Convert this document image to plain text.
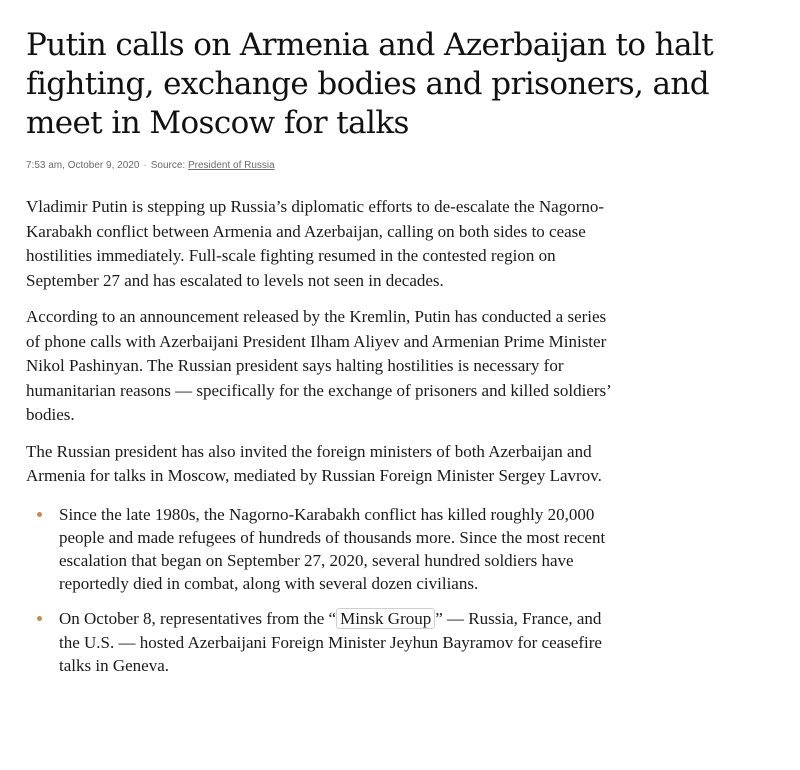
Putin calls on Armenia and Azerbaijan to halt fighting, exchange bodies and prisoners, and meet in Moscow for talks
7:53 am, October 9, 2020 · Source: President of Russia

Vladimir Putin is stepping up Russia’s diplomatic efforts to de-escalate the Nagorno-Karabakh conflict between Armenia and Azerbaijan, calling on both sides to cease hostilities immediately. Full-scale fighting resumed in the contested region on September 27 and has escalated to levels not seen in decades.

According to an announcement released by the Kremlin, Putin has conducted a series of phone calls with Azerbaijani President Ilham Aliyev and Armenian Prime Minister Nikol Pashinyan. The Russian president says halting hostilities is necessary for humanitarian reasons — specifically for the exchange of prisoners and killed soldiers’ bodies.

The Russian president has also invited the foreign ministers of both Azerbaijan and Armenia for talks in Moscow, mediated by Russian Foreign Minister Sergey Lavrov.

Since the late 1980s, the Nagorno-Karabakh conflict has killed roughly 20,000 people and made refugees of hundreds of thousands more. Since the most recent escalation that began on September 27, 2020, several hundred soldiers have reportedly died in combat, along with several dozen civilians.
On October 8, representatives from the “ Minsk Group ” — Russia, France, and the U.S. — hosted Azerbaijani Foreign Minister Jeyhun Bayramov for ceasefire talks in Geneva.
